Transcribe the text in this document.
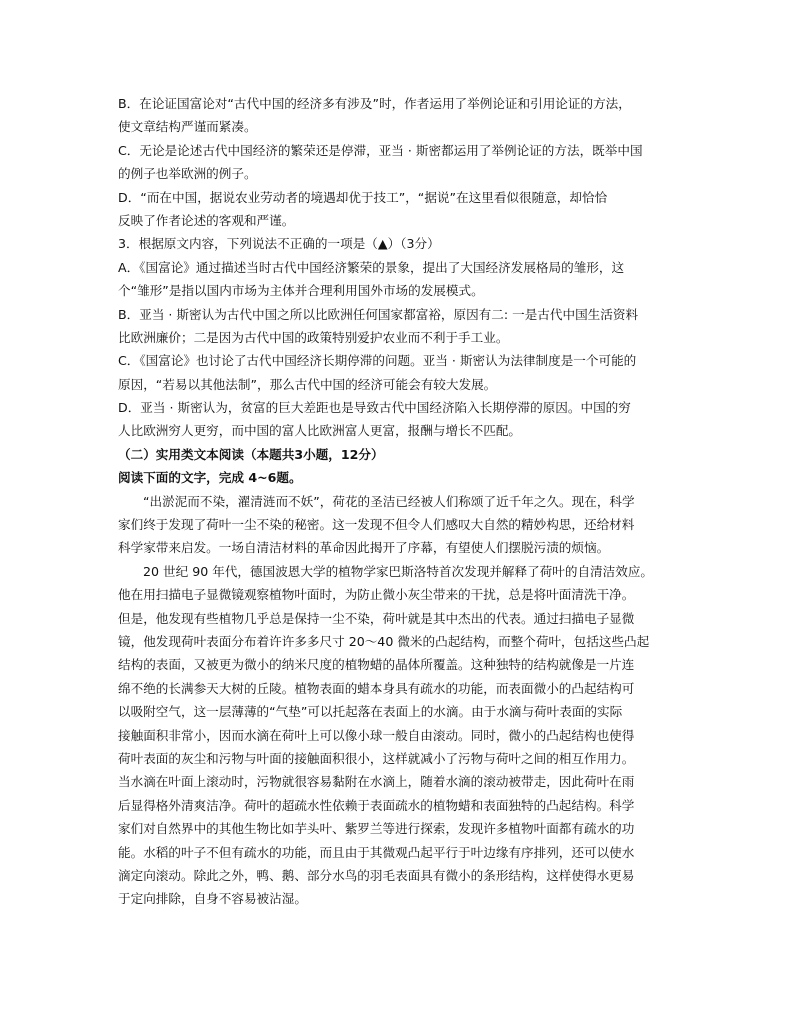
B．在论证国富论对“古代中国的经济多有涉及”时，作者运用了举例论证和引用论证的方法，
使文章结构严谨而紧凑。
C．无论是论述古代中国经济的繁荣还是停滞，亚当 · 斯密都运用了举例论证的方法，既举中国
的例子也举欧洲的例子。
D．“而在中国，据说农业劳动者的境遇却优于技工”，“据说”在这里看似很随意，却恰恰
反映了作者论述的客观和严谨。
3．根据原文内容，下列说法不正确的一项是（▲）（3分）
A．《国富论》通过描述当时古代中国经济繁荣的景象，提出了大国经济发展格局的雏形，这
个“雏形”是指以国内市场为主体并合理利用国外市场的发展模式。
B．亚当 · 斯密认为古代中国之所以比欧洲任何国家都富裕，原因有二: 一是古代中国生活资料
比欧洲廉价；二是因为古代中国的政策特别爱护农业而不利于手工业。
C．《国富论》也讨论了古代中国经济长期停滞的问题。亚当 · 斯密认为法律制度是一个可能的
原因，“若易以其他法制”，那么古代中国的经济可能会有较大发展。
D．亚当 · 斯密认为，贫富的巨大差距也是导致古代中国经济陷入长期停滞的原因。中国的穷
人比欧洲穷人更穷，而中国的富人比欧洲富人更富，报酬与增长不匹配。
（二）实用类文本阅读（本题共3小题，12分）
阅读下面的文字，完成 4~6题。
“出淤泥而不染，濯清涟而不妖”，荷花的圣洁已经被人们称颂了近千年之久。现在，科学
家们终于发现了荷叶一尘不染的秘密。这一发现不但令人们感叹大自然的精妙构思，还给材料
科学家带来启发。一场自清洁材料的革命因此揭开了序幕，有望使人们摆脱污渍的烦恼。
20 世纪 90 年代，德国波恩大学的植物学家巴斯洛特首次发现并解释了荷叶的自清洁效应。
他在用扫描电子显微镜观察植物叶面时，为防止微小灰尘带来的干扰，总是将叶面清洗干净。
但是，他发现有些植物几乎总是保持一尘不染，荷叶就是其中杰出的代表。通过扫描电子显微
镜，他发现荷叶表面分布着许许多多尺寸 20～40 微米的凸起结构，而整个荷叶，包括这些凸起
结构的表面，又被更为微小的纳米尺度的植物蜡的晶体所覆盖。这种独特的结构就像是一片连
绵不绝的长满参天大树的丘陵。植物表面的蜡本身具有疏水的功能，而表面微小的凸起结构可
以吸附空气，这一层薄薄的“气垫”可以托起落在表面上的水滴。由于水滴与荷叶表面的实际
接触面积非常小，因而水滴在荷叶上可以像小球一般自由滚动。同时，微小的凸起结构也使得
荷叶表面的灰尘和污物与叶面的接触面积很小，这样就减小了污物与荷叶之间的相互作用力。
当水滴在叶面上滚动时，污物就很容易黏附在水滴上，随着水滴的滚动被带走，因此荷叶在雨
后显得格外清爽洁净。荷叶的超疏水性依赖于表面疏水的植物蜡和表面独特的凸起结构。科学
家们对自然界中的其他生物比如芋头叶、紫罗兰等进行探索，发现许多植物叶面都有疏水的功
能。水稻的叶子不但有疏水的功能，而且由于其微观凸起平行于叶边缘有序排列，还可以使水
滴定向滚动。除此之外，鸭、鹅、部分水鸟的羽毛表面具有微小的条形结构，这样使得水更易
于定向排除，自身不容易被沾湿。
